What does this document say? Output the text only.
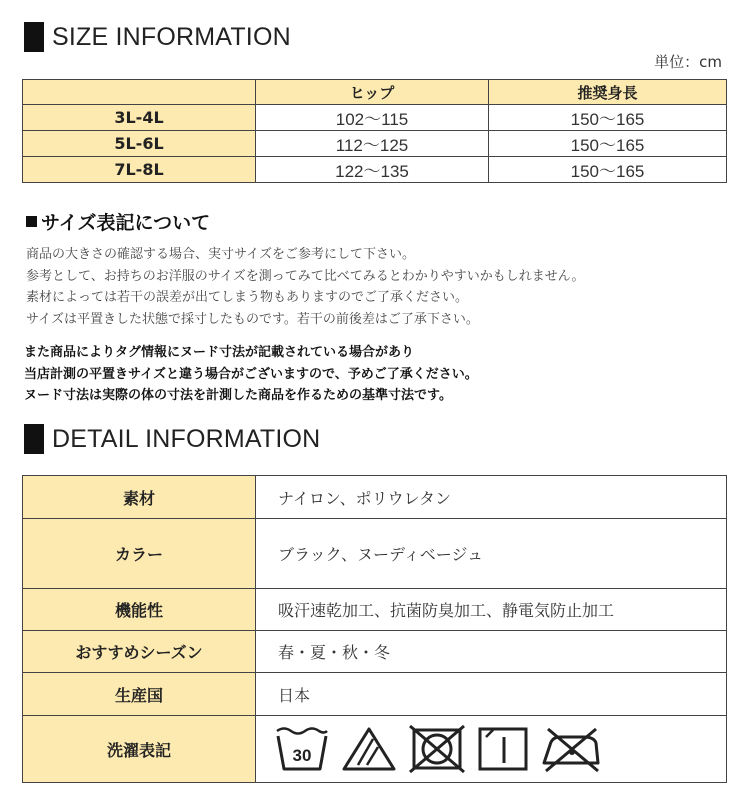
SIZE INFORMATION
単位：cm
	ヒップ	推奨身長
3L-4L	102〜115	150〜165
5L-6L	112〜125	150〜165
7L-8L	122〜135	150〜165
サイズ表記について
商品の大きさの確認する場合、実寸サイズをご参考にして下さい。
参考として、お持ちのお洋服のサイズを測ってみて比べてみるとわかりやすいかもしれません。
素材によっては若干の誤差が出てしまう物もありますのでご了承ください。
サイズは平置きした状態で採寸したものです。若干の前後差はご了承下さい。
また商品によりタグ情報にヌード寸法が記載されている場合があり
当店計測の平置きサイズと違う場合がございますので、予めご了承ください。
ヌード寸法は実際の体の寸法を計測した商品を作るための基準寸法です。
DETAIL INFORMATION
素材	ナイロン、ポリウレタン
カラー	ブラック、ヌーディベージュ
機能性	吸汗速乾加工、抗菌防臭加工、静電気防止加工
おすすめシーズン	春・夏・秋・冬
生産国	日本
洗濯表記	30
